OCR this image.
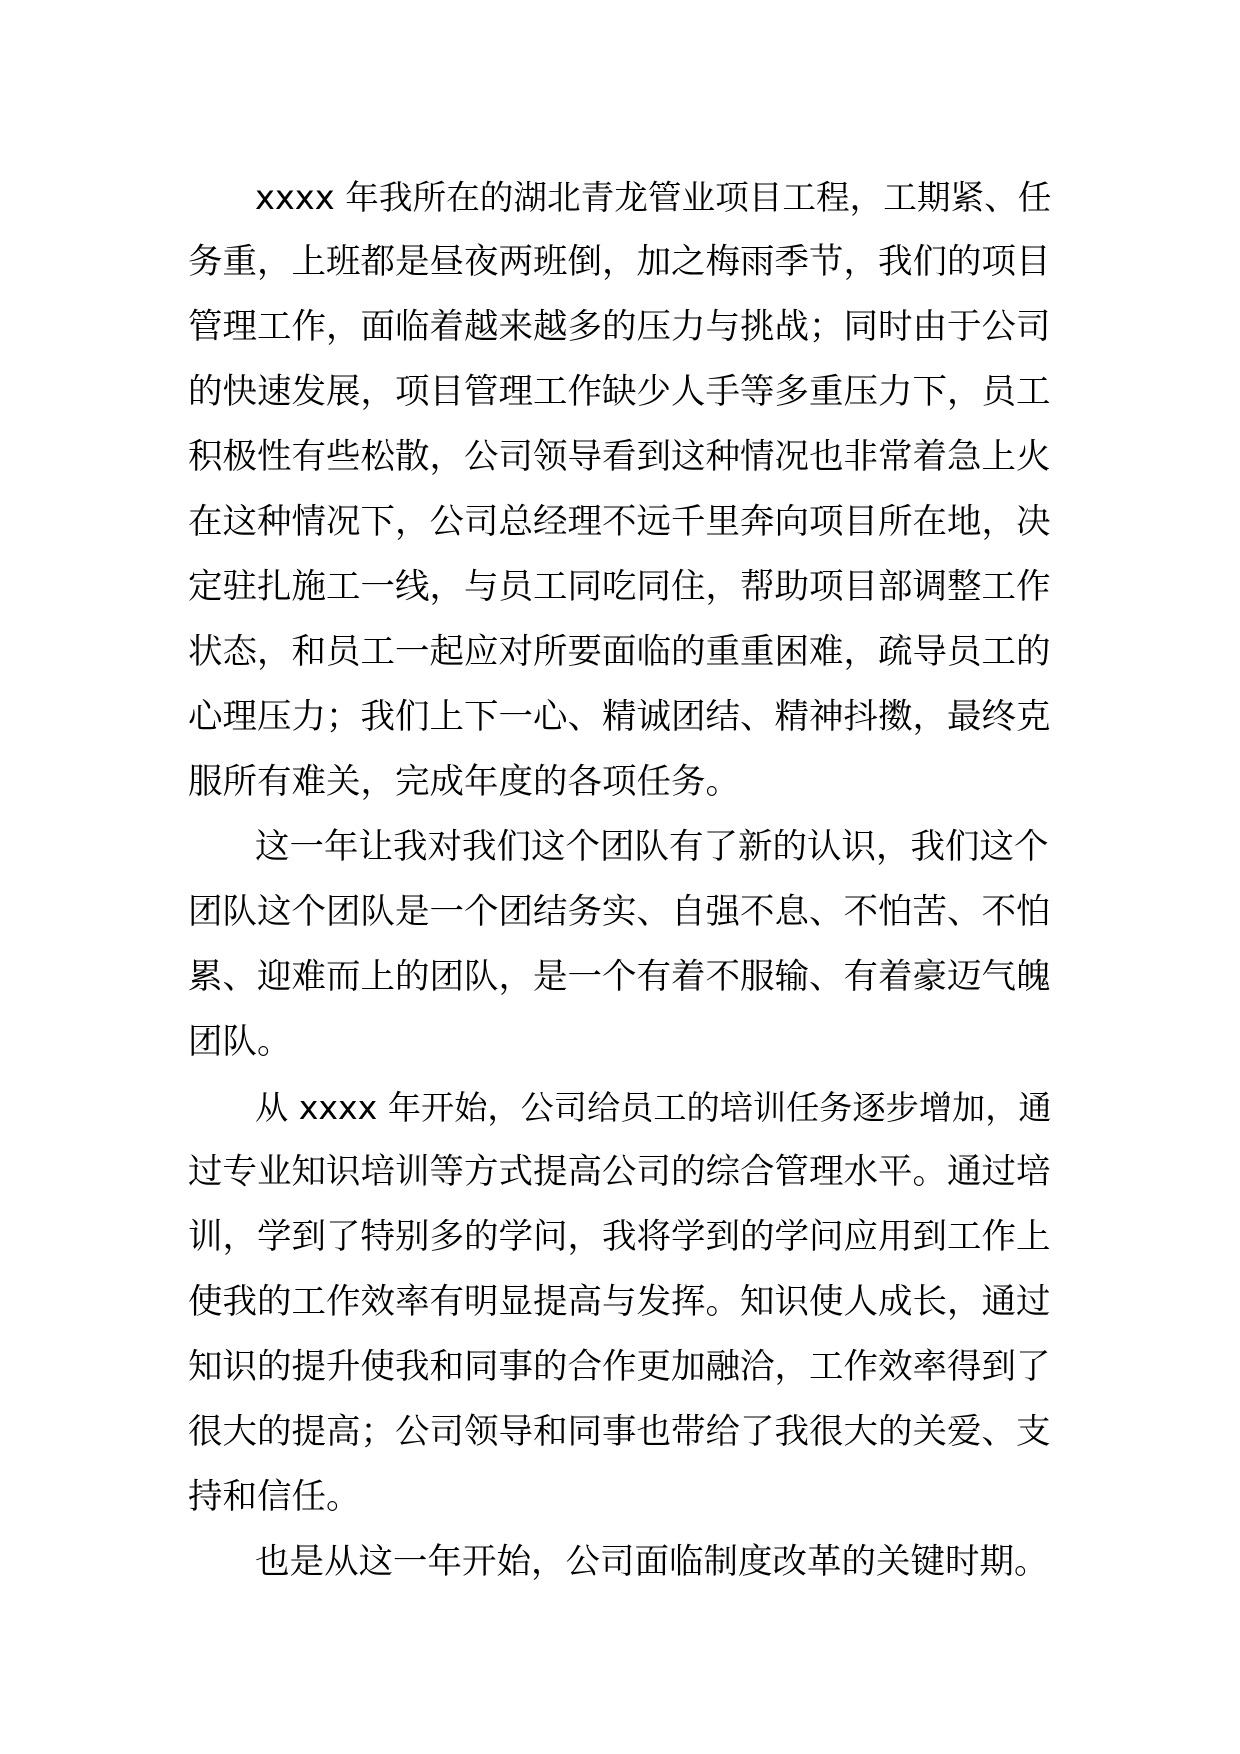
xxxx 年我所在的湖北青龙管业项目工程，工期紧、任
务重，上班都是昼夜两班倒，加之梅雨季节，我们的项目
管理工作，面临着越来越多的压力与挑战；同时由于公司
的快速发展，项目管理工作缺少人手等多重压力下，员工
积极性有些松散，公司领导看到这种情况也非常着急上火
在这种情况下，公司总经理不远千里奔向项目所在地，决
定驻扎施工一线，与员工同吃同住，帮助项目部调整工作
状态，和员工一起应对所要面临的重重困难，疏导员工的
心理压力；我们上下一心、精诚团结、精神抖擞，最终克
服所有难关，完成年度的各项任务。
这一年让我对我们这个团队有了新的认识，我们这个
团队这个团队是一个团结务实、自强不息、不怕苦、不怕
累、迎难而上的团队，是一个有着不服输、有着豪迈气魄
团队。
从 xxxx 年开始，公司给员工的培训任务逐步增加，通
过专业知识培训等方式提高公司的综合管理水平。通过培
训，学到了特别多的学问，我将学到的学问应用到工作上
使我的工作效率有明显提高与发挥。知识使人成长，通过
知识的提升使我和同事的合作更加融洽，工作效率得到了
很大的提高；公司领导和同事也带给了我很大的关爱、支
持和信任。
也是从这一年开始，公司面临制度改革的关键时期。
